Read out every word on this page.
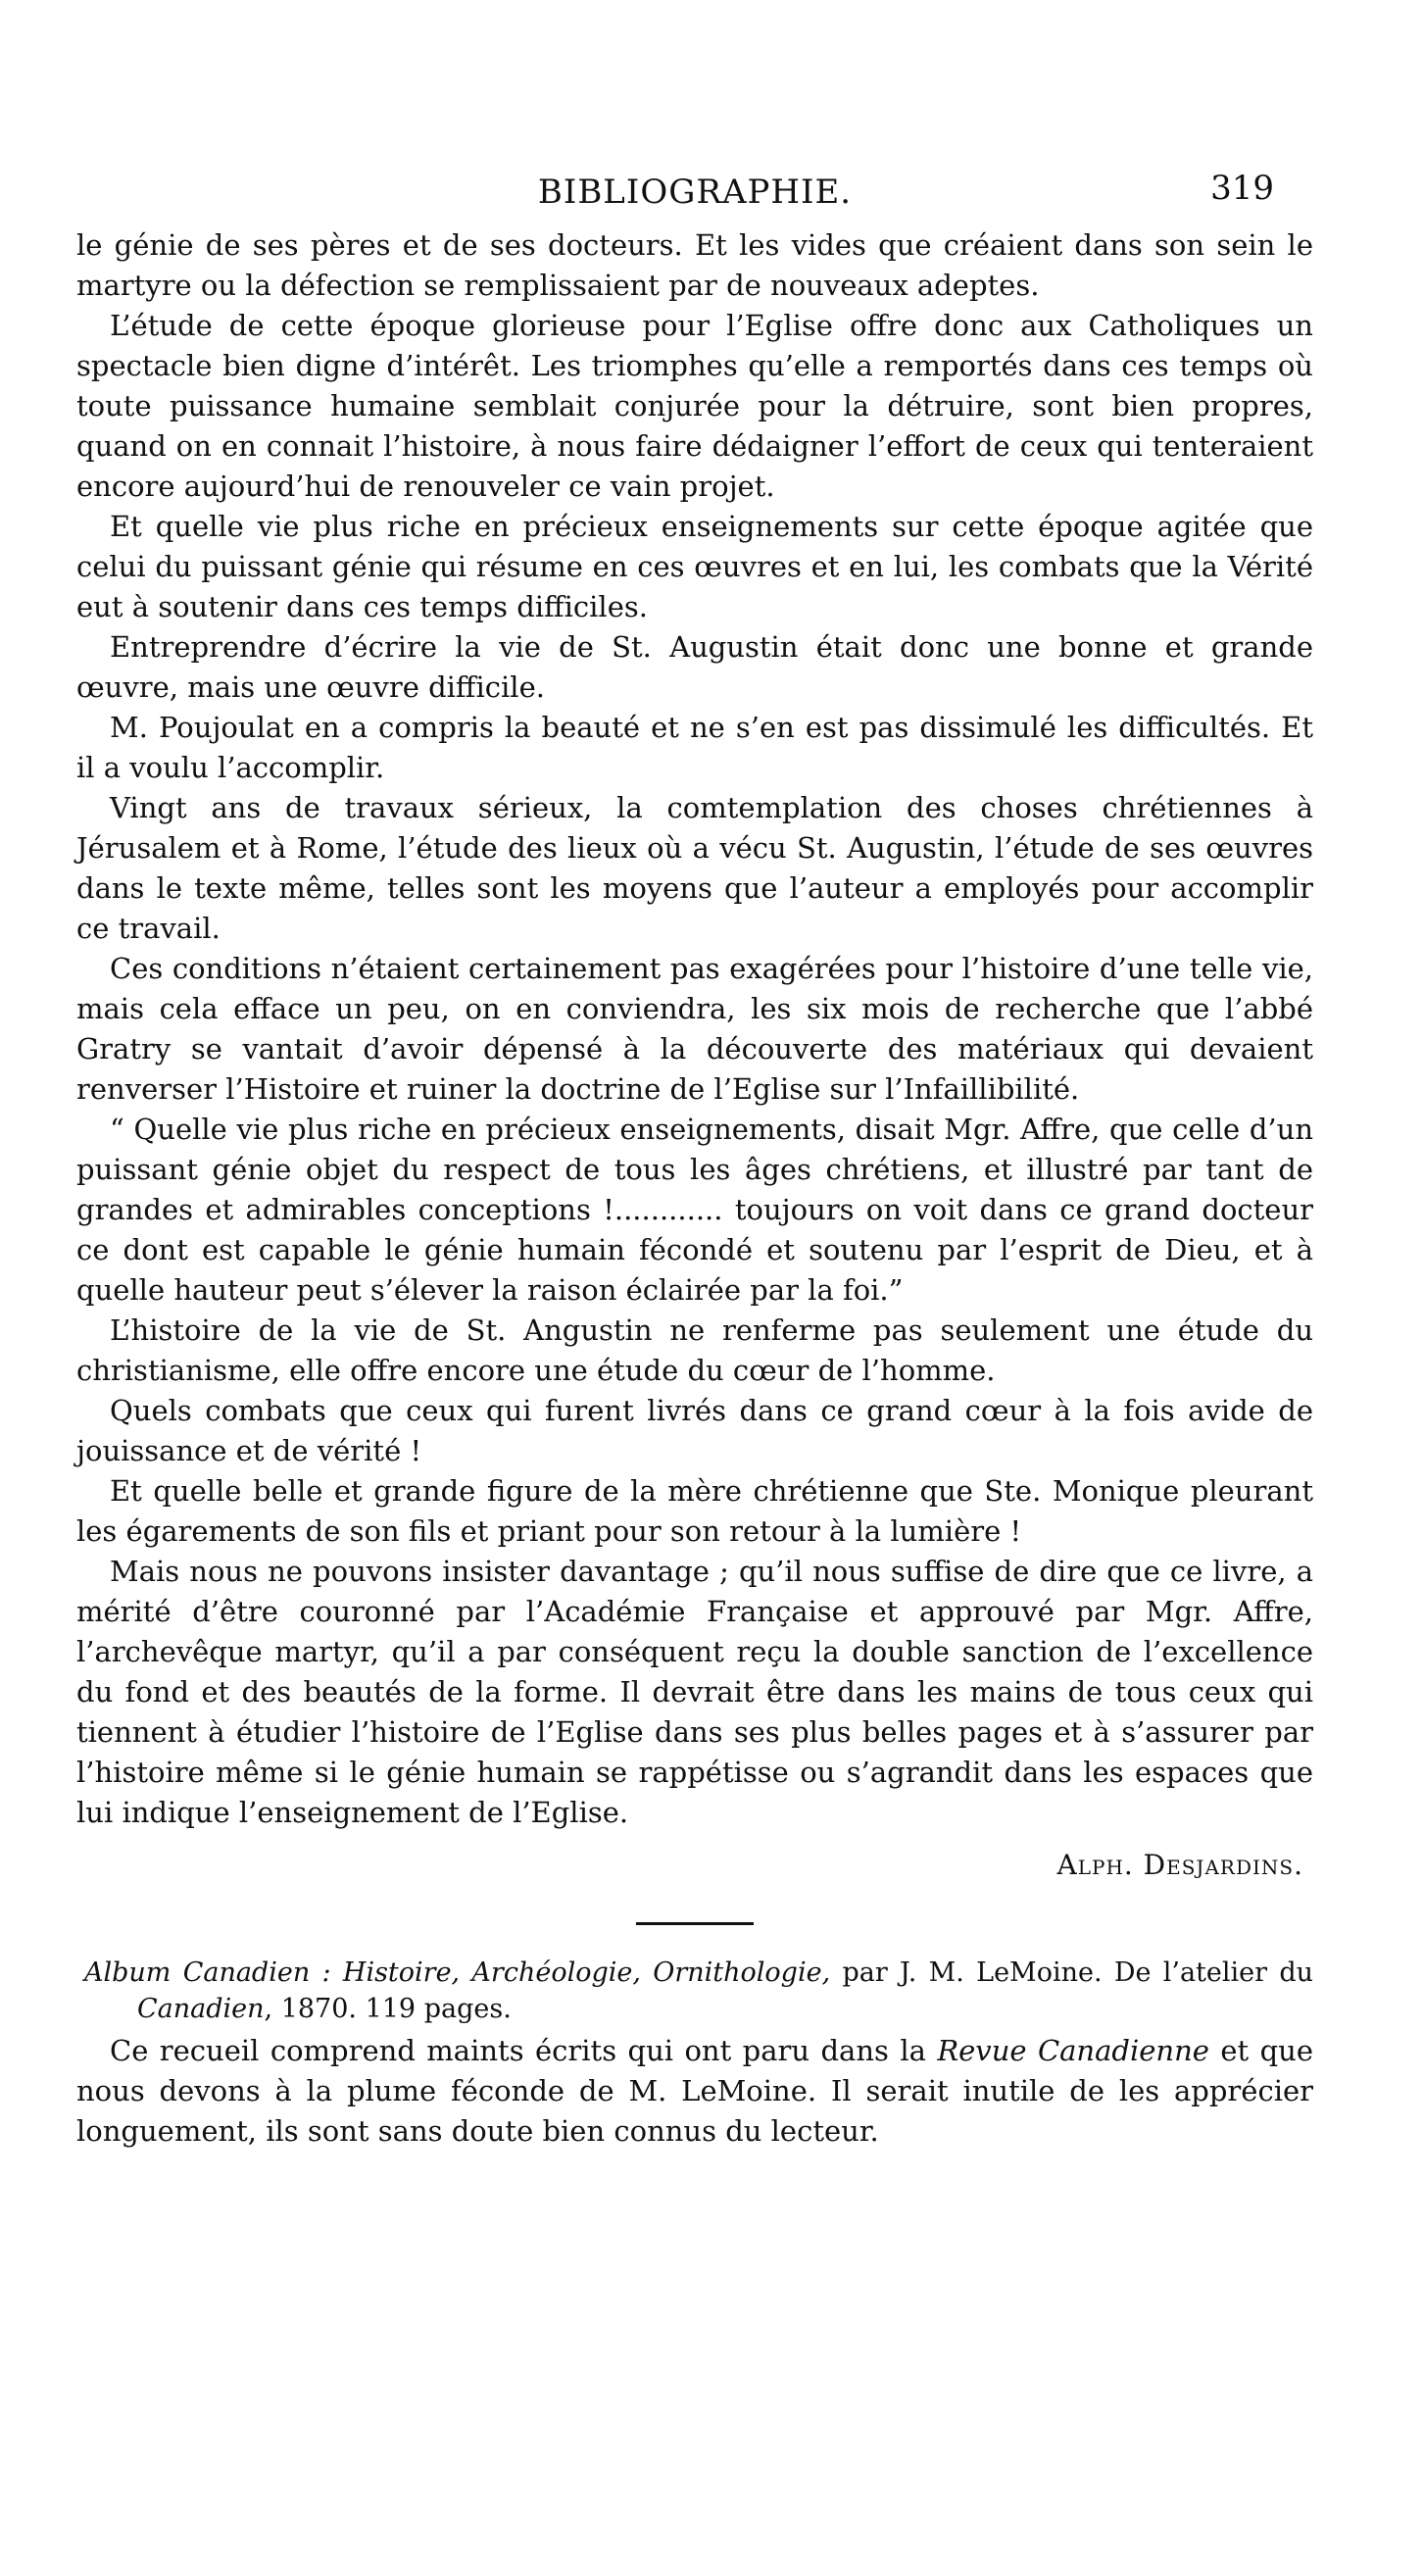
BIBLIOGRAPHIE.	319

le génie de ses pères et de ses docteurs. Et les vides que créaient dans son sein le martyre ou la défection se remplissaient par de nouveaux adeptes.

L’étude de cette époque glorieuse pour l’Eglise offre donc aux Catholiques un spectacle bien digne d’intérêt. Les triomphes qu’elle a remportés dans ces temps où toute puissance humaine semblait conjurée pour la détruire, sont bien propres, quand on en connait l’histoire, à nous faire dédaigner l’effort de ceux qui tenteraient encore aujourd’hui de renouveler ce vain projet.

Et quelle vie plus riche en précieux enseignements sur cette époque agitée que celui du puissant génie qui résume en ces œuvres et en lui, les combats que la Vérité eut à soutenir dans ces temps difficiles.

Entreprendre d’écrire la vie de St. Augustin était donc une bonne et grande œuvre, mais une œuvre difficile.

M. Poujoulat en a compris la beauté et ne s’en est pas dissimulé les difficultés. Et il a voulu l’accomplir.

Vingt ans de travaux sérieux, la comtemplation des choses chrétiennes à Jérusalem et à Rome, l’étude des lieux où a vécu St. Augustin, l’étude de ses œuvres dans le texte même, telles sont les moyens que l’auteur a employés pour accomplir ce travail.

Ces conditions n’étaient certainement pas exagérées pour l’histoire d’une telle vie, mais cela efface un peu, on en conviendra, les six mois de recherche que l’abbé Gratry se vantait d’avoir dépensé à la découverte des matériaux qui devaient renverser l’Histoire et ruiner la doctrine de l’Eglise sur l’Infaillibilité.

“ Quelle vie plus riche en précieux enseignements, disait Mgr. Affre, que celle d’un puissant génie objet du respect de tous les âges chrétiens, et illustré par tant de grandes et admirables conceptions !............ toujours on voit dans ce grand docteur ce dont est capable le génie humain fécondé et soutenu par l’esprit de Dieu, et à quelle hauteur peut s’élever la raison éclairée par la foi.”

L’histoire de la vie de St. Angustin ne renferme pas seulement une étude du christianisme, elle offre encore une étude du cœur de l’homme.

Quels combats que ceux qui furent livrés dans ce grand cœur à la fois avide de jouissance et de vérité !

Et quelle belle et grande figure de la mère chrétienne que Ste. Monique pleurant les égarements de son fils et priant pour son retour à la lumière !

Mais nous ne pouvons insister davantage ; qu’il nous suffise de dire que ce livre, a mérité d’être couronné par l’Académie Française et approuvé par Mgr. Affre, l’archevêque martyr, qu’il a par conséquent reçu la double sanction de l’excellence du fond et des beautés de la forme. Il devrait être dans les mains de tous ceux qui tiennent à étudier l’histoire de l’Eglise dans ses plus belles pages et à s’assurer par l’histoire même si le génie humain se rappétisse ou s’agrandit dans les espaces que lui indique l’enseignement de l’Eglise.

Alph. Desjardins.

Album Canadien : Histoire, Archéologie, Ornithologie, par J. M. LeMoine. De l’atelier du Canadien, 1870. 119 pages.

Ce recueil comprend maints écrits qui ont paru dans la Revue Canadienne et que nous devons à la plume féconde de M. LeMoine. Il serait inutile de les apprécier longuement, ils sont sans doute bien connus du lecteur.
